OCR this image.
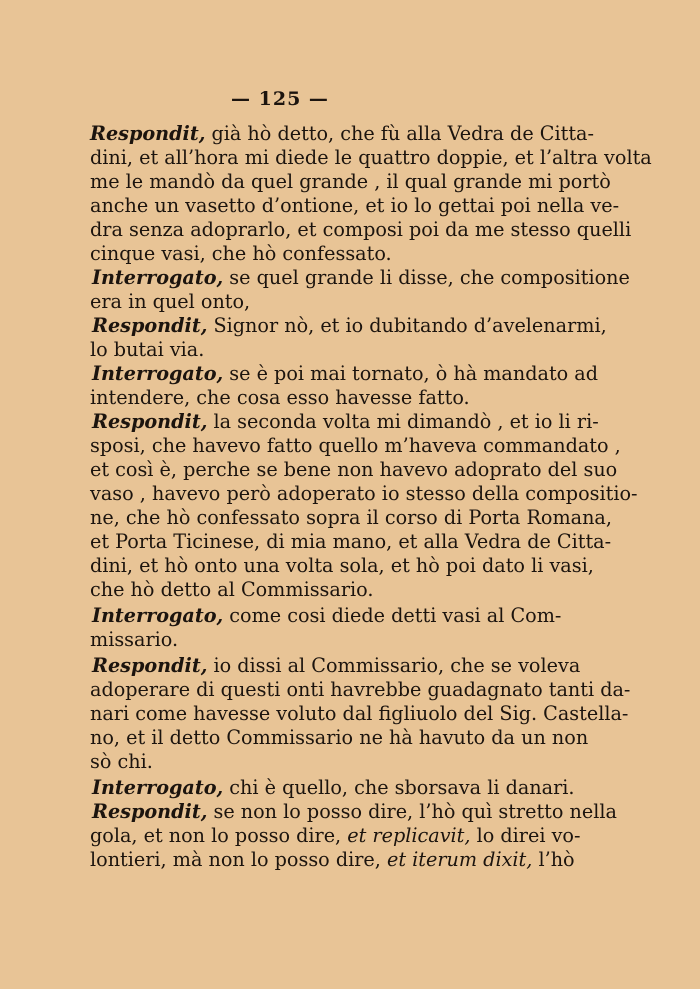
— 125 —
Respondit, già hò detto, che fù alla Vedra de Citta-
dini, et all’hora mi diede le quattro doppie, et l’altra volta
me le mandò da quel grande , il qual grande mi portò
anche un vasetto d’ontione, et io lo gettai poi nella ve-
dra senza adoprarlo, et composi poi da me stesso quelli
cinque vasi, che hò confessato.
Interrogato, se quel grande li disse, che compositione
era in quel onto,
Respondit, Signor nò, et io dubitando d’avelenarmi,
lo butai via.
Interrogato, se è poi mai tornato, ò hà mandato ad
intendere, che cosa esso havesse fatto.
Respondit, la seconda volta mi dimandò , et io li ri-
sposi, che havevo fatto quello m’haveva commandato ,
et così è, perche se bene non havevo adoprato del suo
vaso , havevo però adoperato io stesso della compositio-
ne, che hò confessato sopra il corso di Porta Romana,
et Porta Ticinese, di mia mano, et alla Vedra de Citta-
dini, et hò onto una volta sola, et hò poi dato li vasi,
che hò detto al Commissario.
Interrogato, come cosi diede detti vasi al Com-
missario.
Respondit, io dissi al Commissario, che se voleva
adoperare di questi onti havrebbe guadagnato tanti da-
nari come havesse voluto dal figliuolo del Sig. Castella-
no, et il detto Commissario ne hà havuto da un non
sò chi.
Interrogato, chi è quello, che sborsava li danari.
Respondit, se non lo posso dire, l’hò quì stretto nella
gola, et non lo posso dire, et replicavit, lo direi vo-
lontieri, mà non lo posso dire, et iterum dixit, l’hò
